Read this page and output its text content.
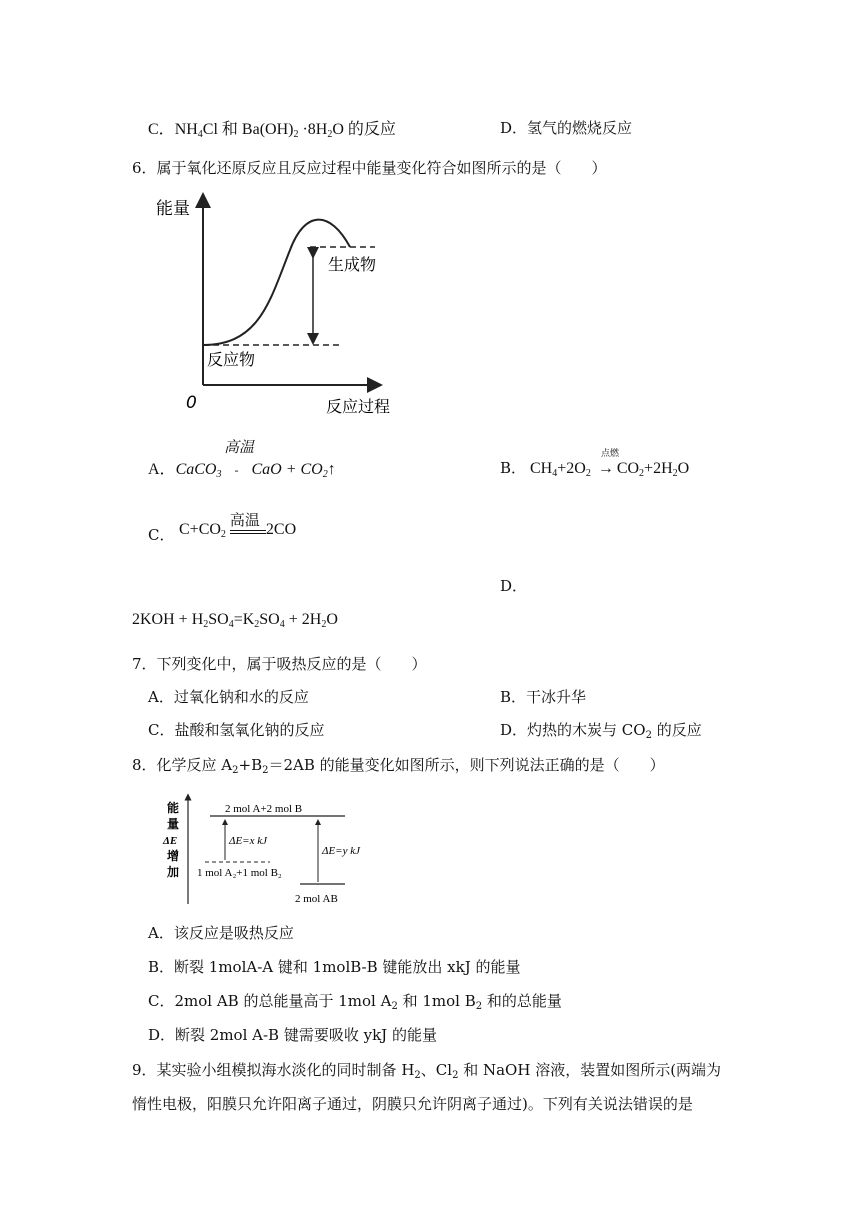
C．$NH_4Cl$ 和 $Ba(OH)_2 \cdot 8H_2O$ 的反应	D．氢气的燃烧反应
6．属于氧化还原反应且反应过程中能量变化符合如图所示的是（　　）
能量
生成物
反应物
0	反应过程
高温
A．CaCO$_3$ - CaO + $CO_2↑$	B．
点燃
$CH_4+2O_2 \to CO_2+2H_2O$
C． $C+CO_2$
高温 2CO
D．
$2KOH + H_2SO_4=K_2SO_4 + 2H_2O$
7．下列变化中，属于吸热反应的是（　　）
A．过氧化钠和水的反应	B．干冰升华
C．盐酸和氢氧化钠的反应	D．灼热的木炭与 $CO_2$ 的反应
8．化学反应 $A_2+B_2=2AB$ 的能量变化如图所示，则下列说法正确的是（　　）
能
量
ΔE
增
加
2 mol A+2 mol B
ΔE=x kJ
ΔE=y kJ
1 mol A₂+1 mol B₂
2 mol AB
A．该反应是吸热反应
B．断裂 1molA-A 键和 1molB-B 键能放出 xkJ 的能量
C．2mol AB 的总能量高于 1mol $A_2$ 和 1mol $B_2$ 和的总能量
D．断裂 2mol A-B 键需要吸收 ykJ 的能量
9．某实验小组模拟海水淡化的同时制备 $H_2$、$Cl_2$ 和 NaOH 溶液，装置如图所示(两端为
惰性电极，阳膜只允许阳离子通过，阴膜只允许阴离子通过)。下列有关说法错误的是
